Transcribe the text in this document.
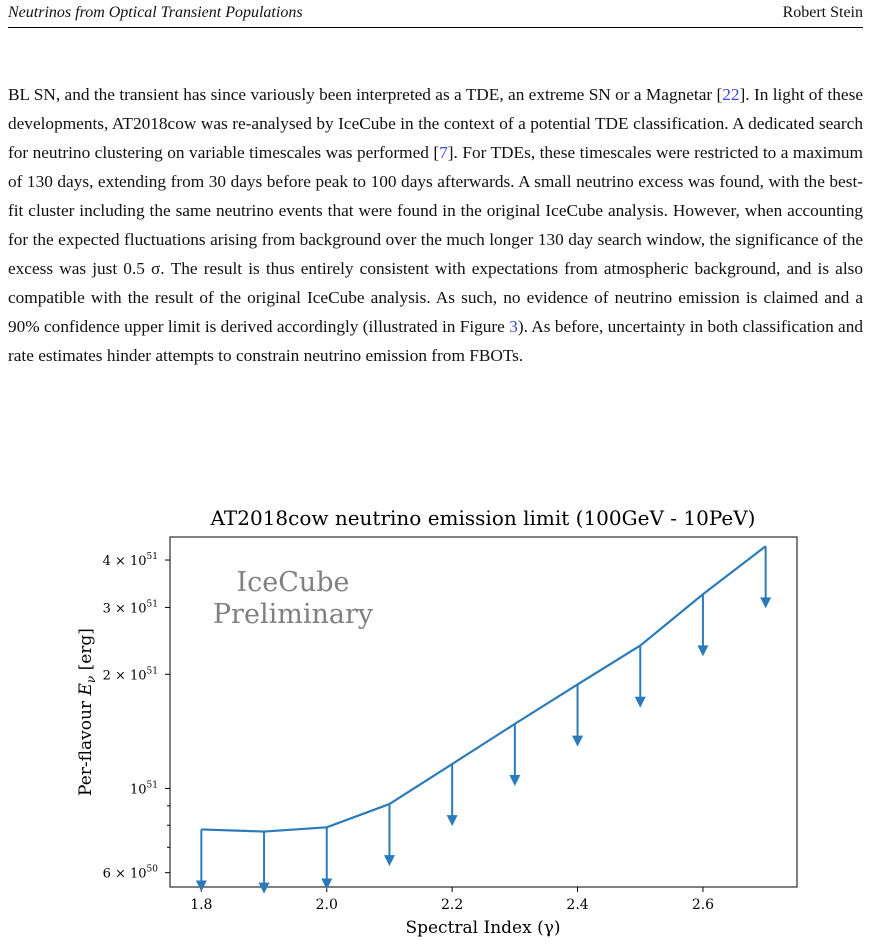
Neutrinos from Optical Transient Populations	Robert Stein
BL SN, and the transient has since variously been interpreted as a TDE, an extreme SN or a Magnetar [22]. In light of these developments, AT2018cow was re-analysed by IceCube in the context of a potential TDE classification. A dedicated search for neutrino clustering on variable timescales was performed [7]. For TDEs, these timescales were restricted to a maximum of 130 days, extending from 30 days before peak to 100 days afterwards. A small neutrino excess was found, with the best-fit cluster including the same neutrino events that were found in the original IceCube analysis. However, when accounting for the expected fluctuations arising from background over the much longer 130 day search window, the significance of the excess was just 0.5 σ. The result is thus entirely consistent with expectations from atmospheric background, and is also compatible with the result of the original IceCube analysis. As such, no evidence of neutrino emission is claimed and a 90% confidence upper limit is derived accordingly (illustrated in Figure 3). As before, uncertainty in both classification and rate estimates hinder attempts to constrain neutrino emission from FBOTs.
AT2018cow neutrino emission limit (100GeV - 10PeV)
1.8	2.0	2.2	2.4	2.6
$6 \times 10^{50}$
$10^{51}$
$2 \times 10^{51}$
$3 \times 10^{51}$
$4 \times 10^{51}$
IceCube
Preliminary
Spectral Index (γ)
Per-flavour $E_\nu$ [erg]
